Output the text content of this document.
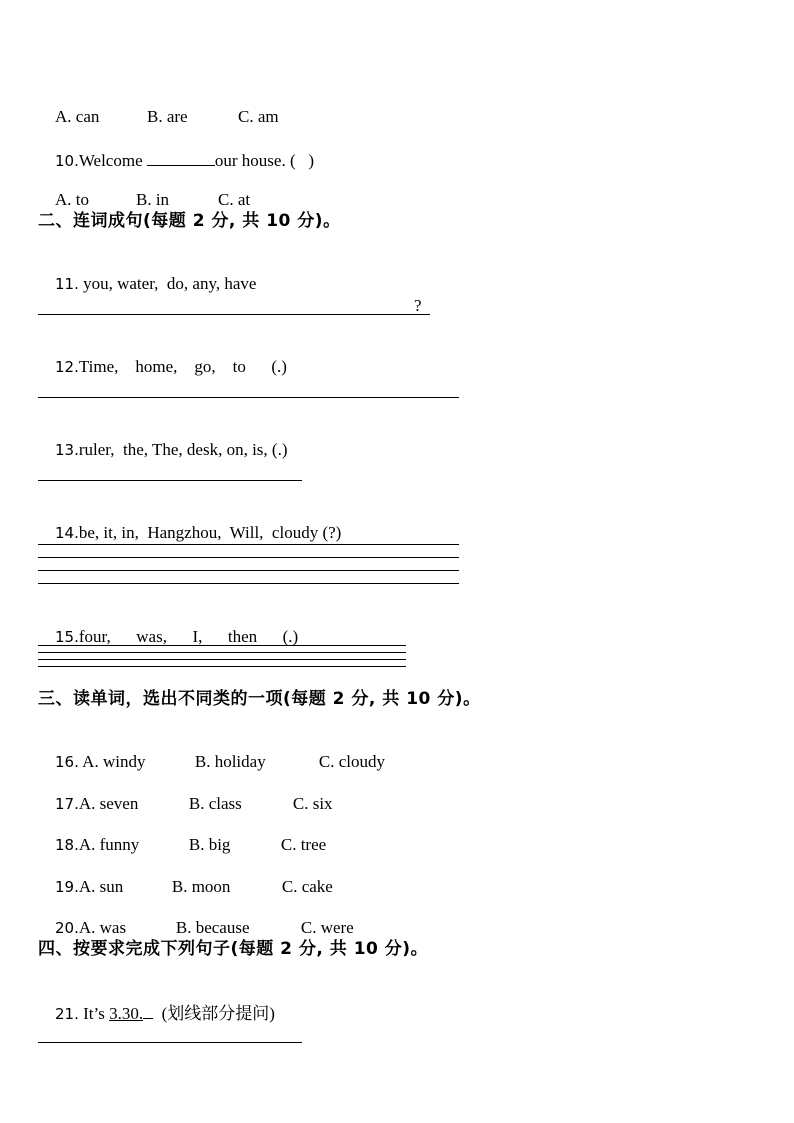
A. can	B. are	C. am

10.Welcome	our house. (   )

A. to	B. in	C. at

二、连词成句(每题 2 分, 共 10 分)。

11. you, water,  do, any, have

?

12.Time,    home,    go,    to      (.)

13.ruler,  the, The, desk, on, is, (.)

14.be, it, in,  Hangzhou,  Will,  cloudy (?)

15.four,      was,      I,      then      (.)

三、读单词，选出不同类的一项(每题 2 分, 共 10 分)。

16. A. windy	B. holiday	C. cloudy

17.A. seven	B. class	C. six

18.A. funny	B. big	C. tree

19.A. sun	B. moon	C. cake

20.A. was	B. because	C. were

四、按要求完成下列句子(每题 2 分, 共 10 分)。

21. It’s 3.30.  (划线部分提问)
